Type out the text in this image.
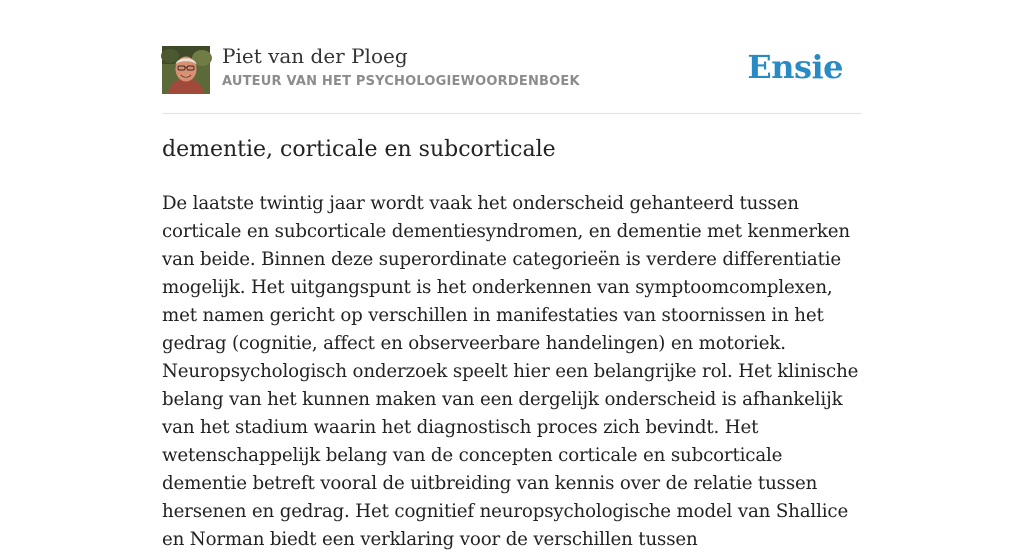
Piet van der Ploeg
AUTEUR VAN HET PSYCHOLOGIEWOORDENBOEK	Ensie
dementie, corticale en subcorticale

De laatste twintig jaar wordt vaak het onderscheid gehanteerd tussen corticale en subcorticale dementiesyndromen, en dementie met kenmerken van beide. Binnen deze superordinate categorieën is verdere differentiatie mogelijk. Het uitgangspunt is het onderkennen van symptoomcomplexen, met namen gericht op verschillen in manifestaties van stoornissen in het gedrag (cognitie, affect en observeerbare handelingen) en motoriek. Neuropsychologisch onderzoek speelt hier een belangrijke rol. Het klinische belang van het kunnen maken van een dergelijk onderscheid is afhankelijk van het stadium waarin het diagnostisch proces zich bevindt. Het wetenschappelijk belang van de concepten corticale en subcorticale dementie betreft vooral de uitbreiding van kennis over de relatie tussen hersenen en gedrag. Het cognitief neuropsychologische model van Shallice en Norman biedt een verklaring voor de verschillen tussen
